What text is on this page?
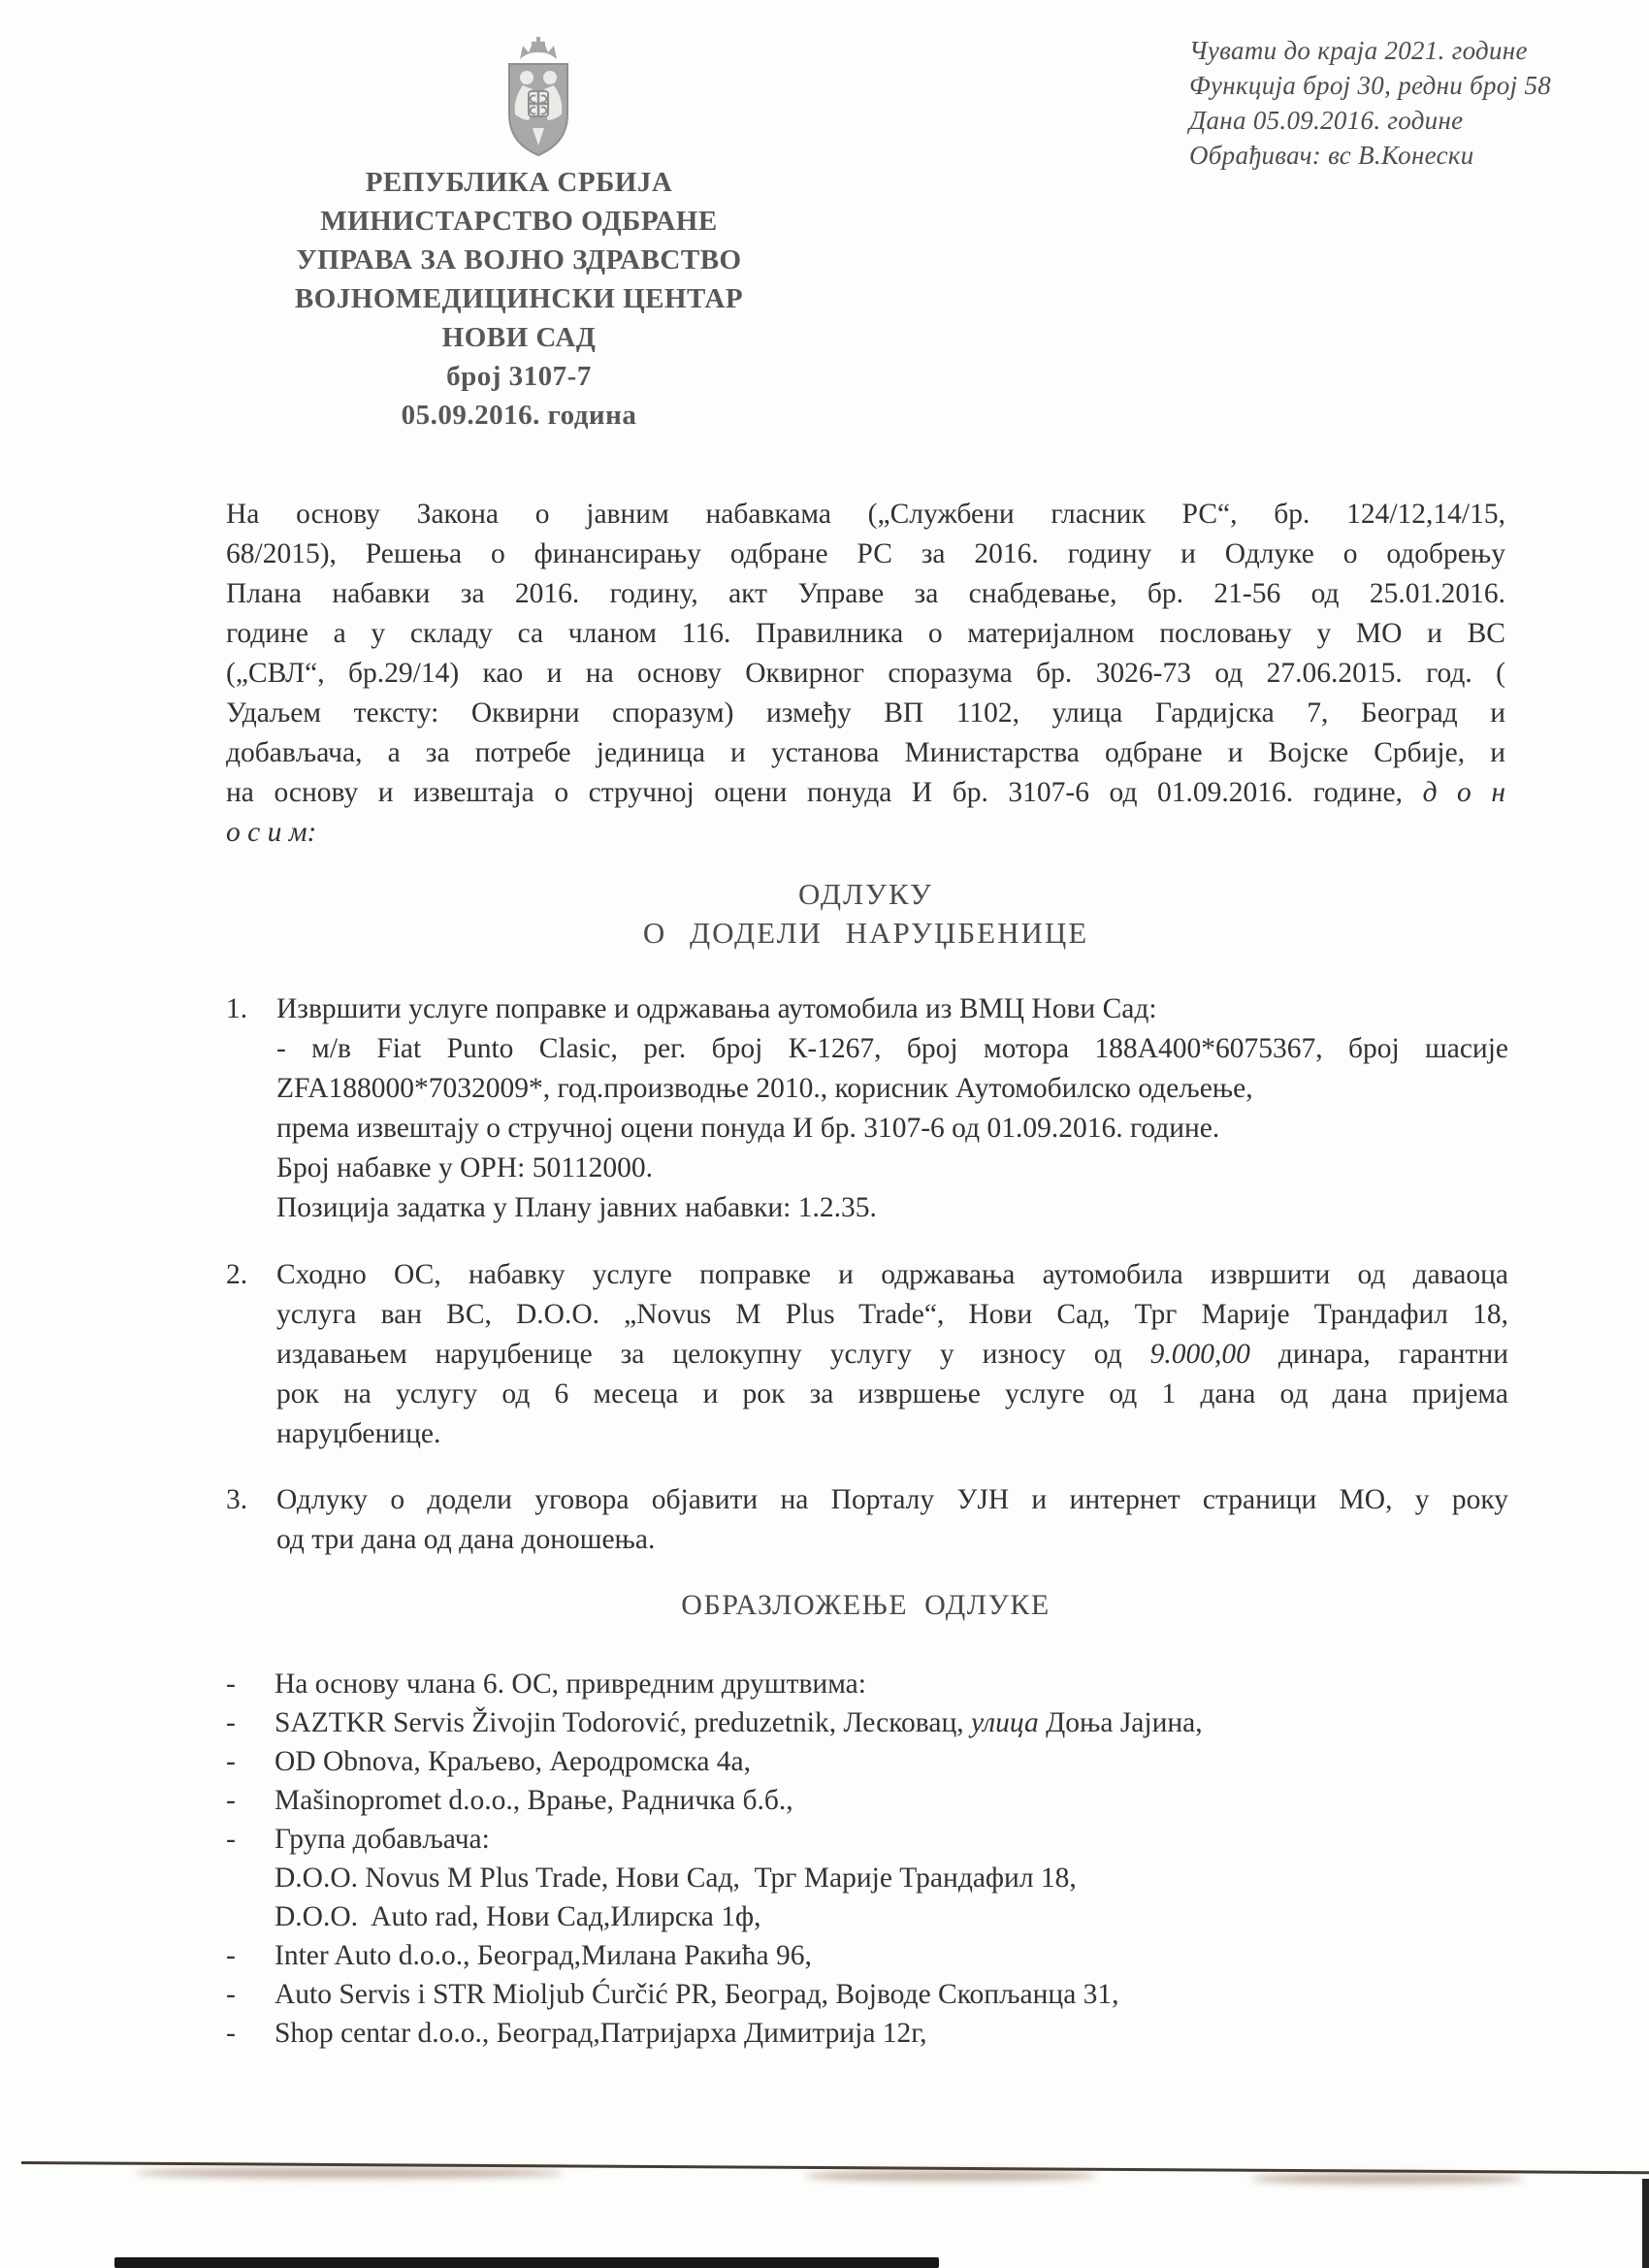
Чувати до краја 2021. године
Функција број 30, редни број 58
Дана 05.09.2016. године
Обрађивач: вс В.Конески
РЕПУБЛИКА СРБИЈА
МИНИСТАРСТВО ОДБРАНЕ
УПРАВА ЗА ВОЈНО ЗДРАВСТВО
ВОЈНОМЕДИЦИНСКИ ЦЕНТАР
НОВИ САД
број 3107-7
05.09.2016. година
На основу Закона о јавним набавкама („Службени гласник РС“, бр. 124/12,14/15,
68/2015), Решења о финансирању одбране РС за 2016. годину и Одлуке о одобрењу
Плана набавки за 2016. годину, акт Управе за снабдевање, бр. 21-56 од 25.01.2016.
године а у складу са чланом 116. Правилника о материјалном пословању у МО и ВС
(„СВЛ“, бр.29/14) као и на основу Оквирног споразума бр. 3026-73 од 27.06.2015. год. (
Удаљем тексту: Оквирни споразум) између ВП 1102, улица Гардијска 7, Београд и
добављача, а за потребе јединица и установа Министарства одбране и Војске Србије, и
на основу и извештаја о стручној оцени понуда И бр. 3107-6 од 01.09.2016. године, д о н
о с и м:
ОДЛУКУ
О ДОДЕЛИ НАРУЏБЕНИЦЕ
1.	Извршити услуге поправке и одржавања аутомобила из ВМЦ Нови Сад:
- м/в Fiat Punto Clasic, рег. број К-1267, број мотора 188А400*6075367, број шасије
ZFA188000*7032009*, год.производње 2010., корисник Аутомобилско одељење,
према извештају о стручној оцени понуда И бр. 3107-6 од 01.09.2016. године.
Број набавке у ОРН: 50112000.
Позиција задатка у Плану јавних набавки: 1.2.35.
2.	Сходно ОС, набавку услуге поправке и одржавања аутомобила извршити од даваоца
услуга ван ВС, D.O.O. „Novus M Plus Trade“, Нови Сад, Трг Марије Трандафил 18,
издавањем наруџбенице за целокупну услугу у износу од 9.000,00 динара, гарантни
рок на услугу од 6 месеца и рок за извршење услуге од 1 дана од дана пријема
наруџбенице.
3.	Одлуку о додели уговора објавити на Порталу УЈН и интернет страници МО, у року
од три дана од дана доношења.
ОБРАЗЛОЖЕЊЕ ОДЛУКЕ
-	На основу члана 6. ОС, привредним друштвима:
-	SAZTKR Servis Živojin Todorović, preduzetnik, Лесковац, улица Доња Јајина,
-	OD Obnova, Краљево, Аеродромска 4а,
-	Mašinopromet d.o.o., Врање, Радничка б.б.,
-	Група добављача:
D.O.O. Novus M Plus Trade, Нови Сад,  Трг Марије Трандафил 18,
D.O.O.  Auto rad, Нови Сад,Илирска 1ф,
-	Inter Auto d.o.o., Београд,Милана Ракића 96,
-	Auto Servis i STR Mioljub Ćurčić PR, Београд, Војводе Скопљанца 31,
-	Shop centar d.o.o., Београд,Патријарха Димитрија 12г,
